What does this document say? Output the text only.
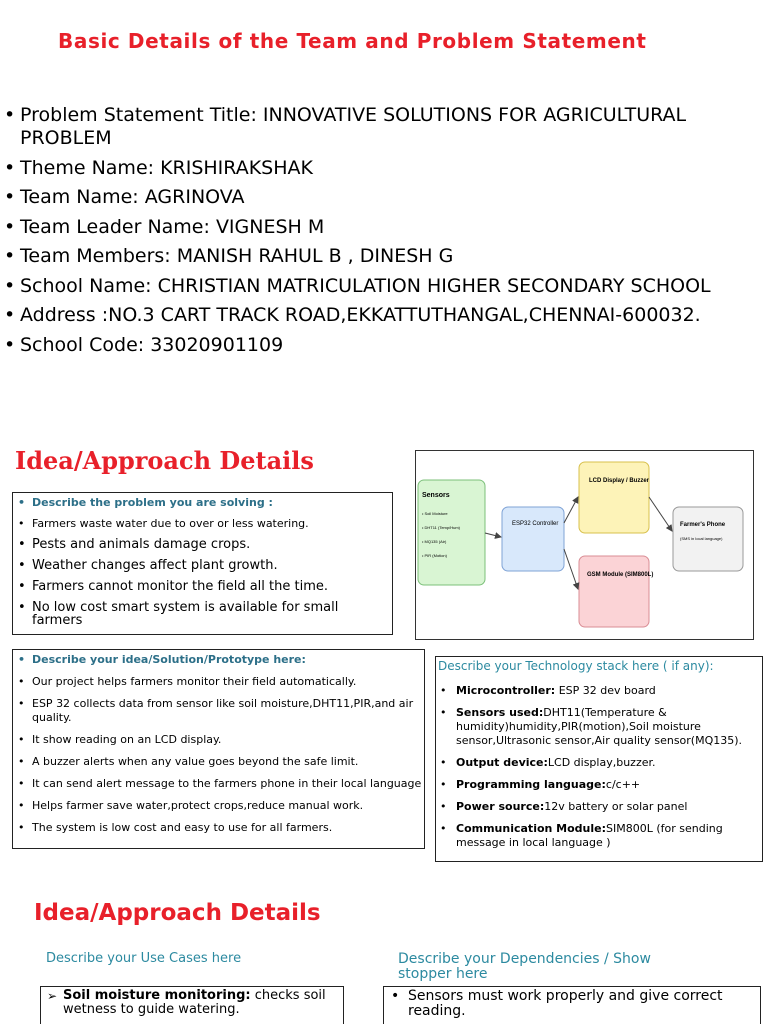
Basic Details of the Team and Problem Statement
• Problem Statement Title: INNOVATIVE SOLUTIONS FOR AGRICULTURAL PROBLEM
• Theme Name: KRISHIRAKSHAK
• Team Name: AGRINOVA
• Team Leader Name: VIGNESH M
• Team Members: MANISH RAHUL B , DINESH G
• School Name: CHRISTIAN MATRICULATION HIGHER SECONDARY SCHOOL
• Address :NO.3 CART TRACK ROAD,EKKATTUTHANGAL,CHENNAI-600032.
• School Code: 33020901109
Idea/Approach Details
• Describe the problem you are solving :
• Farmers waste water due to over or less watering.
• Pests and animals damage crops.
• Weather changes affect plant growth.
• Farmers cannot monitor the field all the time.
• No low cost smart system is available for small farmers
Sensors
• Soil Moisture
• DHT11 (Temp/Hum)
• MQ135 (Air)
• PIR (Motion)
ESP32 Controller
LCD Display / Buzzer
GSM Module (SIM800L)
Farmer's Phone
(SMS in local language)
• Describe your idea/Solution/Prototype here:
• Our project helps farmers monitor their field automatically.
• ESP 32 collects data from sensor like soil moisture,DHT11,PIR,and air quality.
• It show reading on an LCD display.
• A buzzer alerts when any value goes beyond the safe limit.
• It can send alert message to the farmers phone in their local language
• Helps farmer save water,protect crops,reduce manual work.
• The system is low cost and easy to use for all farmers.
Describe your Technology stack here ( if any):
• Microcontroller: ESP 32 dev board
• Sensors used:DHT11(Temperature & humidity)humidity,PIR(motion),Soil moisture sensor,Ultrasonic sensor,Air quality sensor(MQ135).
• Output device:LCD display,buzzer.
• Programming language:c/c++
• Power source:12v battery or solar panel
• Communication Module:SIM800L (for sending message in local language )
Idea/Approach Details
Describe your Use Cases here	Describe your Dependencies / Show stopper here
➢ Soil moisture monitoring: checks soil wetness to guide watering.
• Sensors must work properly and give correct reading.
